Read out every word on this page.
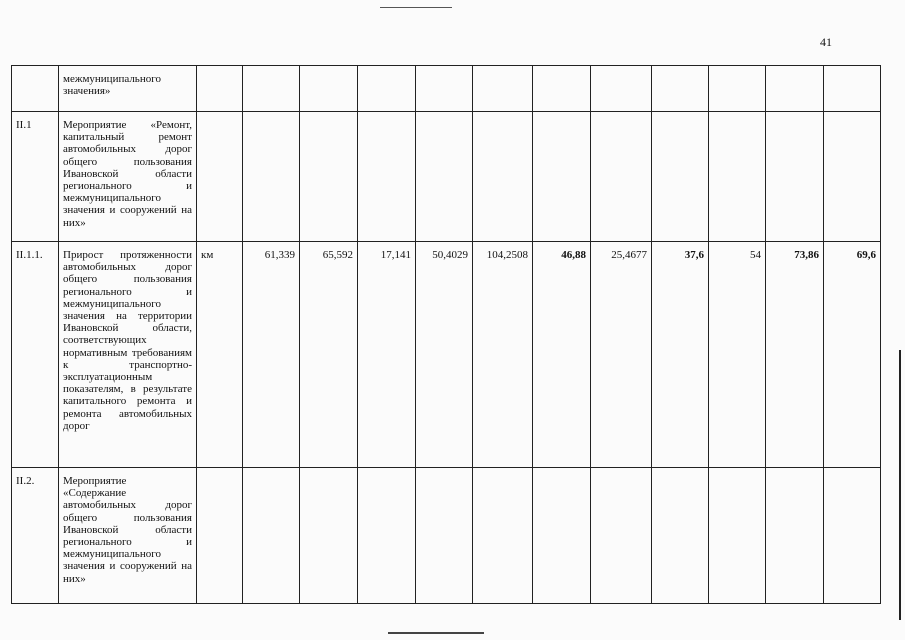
41
	межмуниципального значения»												
II.1	Мероприятие «Ремонт, капитальный ремонт автомобильных дорог общего пользования Ивановской области регионального и межмуниципального значения и сооружений на них»												
II.1.1.	Прирост протяженности автомобильных дорог общего пользования регионального и межмуниципального значения на территории Ивановской области, соответствующих нормативным требованиям к транспортно-эксплуатационным показателям, в результате капитального ремонта и ремонта автомобильных дорог	км	61,339	65,592	17,141	50,4029	104,2508	46,88	25,4677	37,6	54	73,86	69,6
II.2.	Мероприятие «Содержание автомобильных дорог общего пользования Ивановской области регионального и межмуниципального значения и сооружений на них»												
